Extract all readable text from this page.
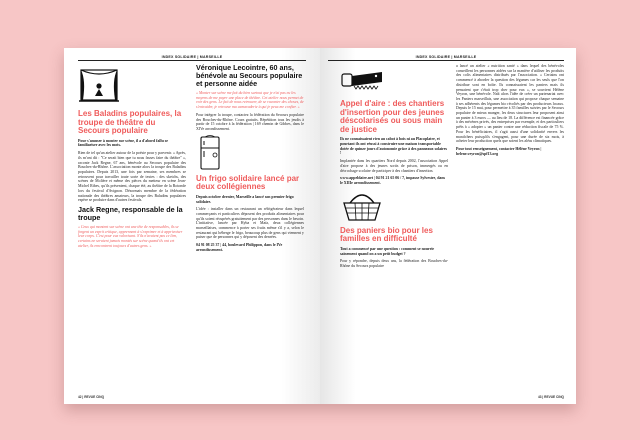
INDEX SOLIDAIRE | MARSEILLE
Les Baladins populaires, la troupe de théâtre du Secours populaire

Pour s'amuser à monter sur scène, il a d'abord fallu se familiariser avec les mots.

Rien de tel qu'un atelier autour de la poésie pour y parvenir. « Après, ils m'ont dit : "Ce serait bien que tu nous fasses faire du théâtre" », raconte Jack Regne, 67 ans, bénévole au Secours populaire des Bouches-du-Rhône. L'association monte alors la troupe des Baladins populaires. Depuis 2013, une fois par semaine, ses membres se retrouvent pour travailler toute sorte de textes : des sketchs, des scènes de Molière et même des pièces du metteur en scène Jean-Michel Ribes, qu'ils présentent, chaque été, au théâtre de la Rotonde lors du festival d'Avignon. Désormais membre de la fédération nationale des théâtres amateurs, la troupe des Baladins populaires espère se produire dans d'autres festivals.

Jack Regne, responsable de la troupe

« Ceux qui montent sur scène ont une tête de responsables, ils se forgent un esprit critique, apprennent à s'exprimer et à apprivoiser leur corps. C'est pour eux valorisant. S'ils n'avaient pas ce lien, certains ne seraient jamais montés sur scène quand ils ont cet atelier, ils rencontrent toujours d'autres gens. »

Véronique Lecointre, 60 ans, bénévole au Secours populaire et personne aidée

« Monter sur scène me fait du bien surtout que je n'ai pas eu les moyens de me payer une place de théâtre. Cet atelier nous permet de voir des gens. Le fait de nous retrouver, de se raconter des choses, de s'entraider, je retrouve ma camaraderie à qui je peux me confier. »

Pour intégrer la troupe, contactez la fédération du Secours populaire des Bouches-du-Rhône. Cours gratuits. Répétition tous les jeudis à partir de 15 octobre à la fédération | 169 chemin de Gibbes, dans le XIVe arrondissement.

Un frigo solidaire lancé par deux collégiennes

Depuis octobre dernier, Marseille a lancé son premier frigo solidaire.

L'idée : installer dans un restaurant un réfrigérateur dans lequel commerçants et particuliers déposent des produits alimentaires pour qu'ils soient récupérés gratuitement par des personnes dans le besoin. L'initiative, lancée par Hyba et Maïa, deux collégiennes marseillaises, commence à porter ses fruits même s'il y a, selon le restaurant qui héberge le frigo, beaucoup plus de gens qui viennent y puiser que de personnes qui y déposent des denrées.

04 91 08 25 37 | 44, boulevard Philippon, dans le IVe arrondissement.

42 | REVUE CINQ
INDEX SOLIDAIRE | MARSEILLE
Appel d'aire : des chantiers d'insertion pour des jeunes déscolarisés ou sous main de justice

Ils ne connaissaient rien au cabot à bois ni au Placoplatre, et pourtant ils ont réussi à construire une maison transportable dotée de quinze jours d'autonomie grâce à des panneaux solaires !

Implantée dans les quartiers Nord depuis 2002, l'association Appel d'aire propose à des jeunes sortis de prison, immergés ou en décrochage scolaire de participer à des chantiers d'insertion.

www.appeldaire.net | 04 91 21 65 06 / 7, impasse Sylvestre, dans le XIIIe arrondissement.

Des paniers bio pour les familles en difficulté

Tout a commencé par une question : comment se nourrir sainement quand on a un petit budget ?

Pour y répondre, depuis deux ans, la fédération des Bouches-du-Rhône du Secours populaire

a lancé un atelier « nutrition santé » dans lequel des bénévoles conseillent les personnes aidées sur la manière d'utiliser les produits des colis alimentaires distribués par l'association. « Certains ont commencé à aborder la question des légumes car les seuls que l'on distribue sont en boîte. Ils connaissaient les paniers mais ils pensaient que c'était trop cher pour eux », se souvient Hélène Veyron, une bénévole. Naît alors l'idée de créer un partenariat avec les Paniers marseillais, une association qui propose chaque semaine à ses adhérents des légumes bio récoltés par des producteurs locaux. Depuis le 15 mai, pour permettre à 35 familles suivies par le Secours populaire de mieux manger, les deux structures leur proposent ainsi un panier à 3 euros — au lieu de 18. La différence est financée grâce à des mécènes privés, des entreprises par exemple, et des particuliers prêts à « adopter » un panier contre une réduction fiscale de 75 %. Pour les bénéficiaires, il s'agit aussi d'une solidarité envers les maraîchers puisqu'ils s'engagent, pour une durée de six mois, à acheter leur production quels que soient les aléas climatiques.

Pour tout renseignement, contacter Hélène Veyron | helene.veyron@spf13.org

43 | REVUE CINQ
